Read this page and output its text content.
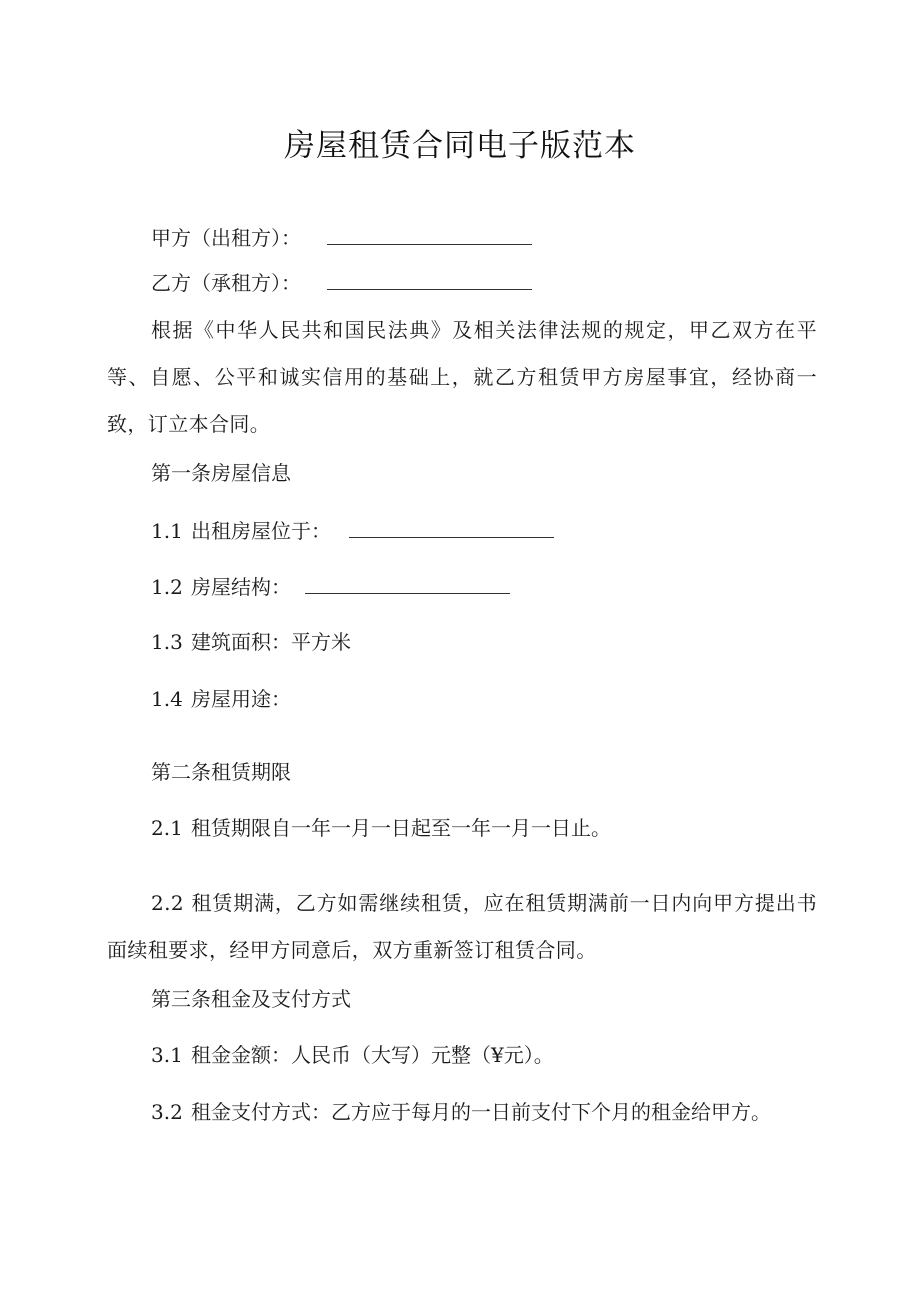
房屋租赁合同电子版范本
甲方（出租方）：
乙方（承租方）：
根据《中华人民共和国民法典》及相关法律法规的规定，甲乙双方在平等、自愿、公平和诚实信用的基础上，就乙方租赁甲方房屋事宜，经协商一致，订立本合同。
第一条房屋信息
1.1 出租房屋位于：
1.2 房屋结构：
1.3 建筑面积：平方米
1.4 房屋用途：
第二条租赁期限
2.1 租赁期限自一年一月一日起至一年一月一日止。
2.2 租赁期满，乙方如需继续租赁，应在租赁期满前一日内向甲方提出书面续租要求，经甲方同意后，双方重新签订租赁合同。
第三条租金及支付方式
3.1 租金金额：人民币（大写）元整（¥元）。
3.2 租金支付方式：乙方应于每月的一日前支付下个月的租金给甲方。
